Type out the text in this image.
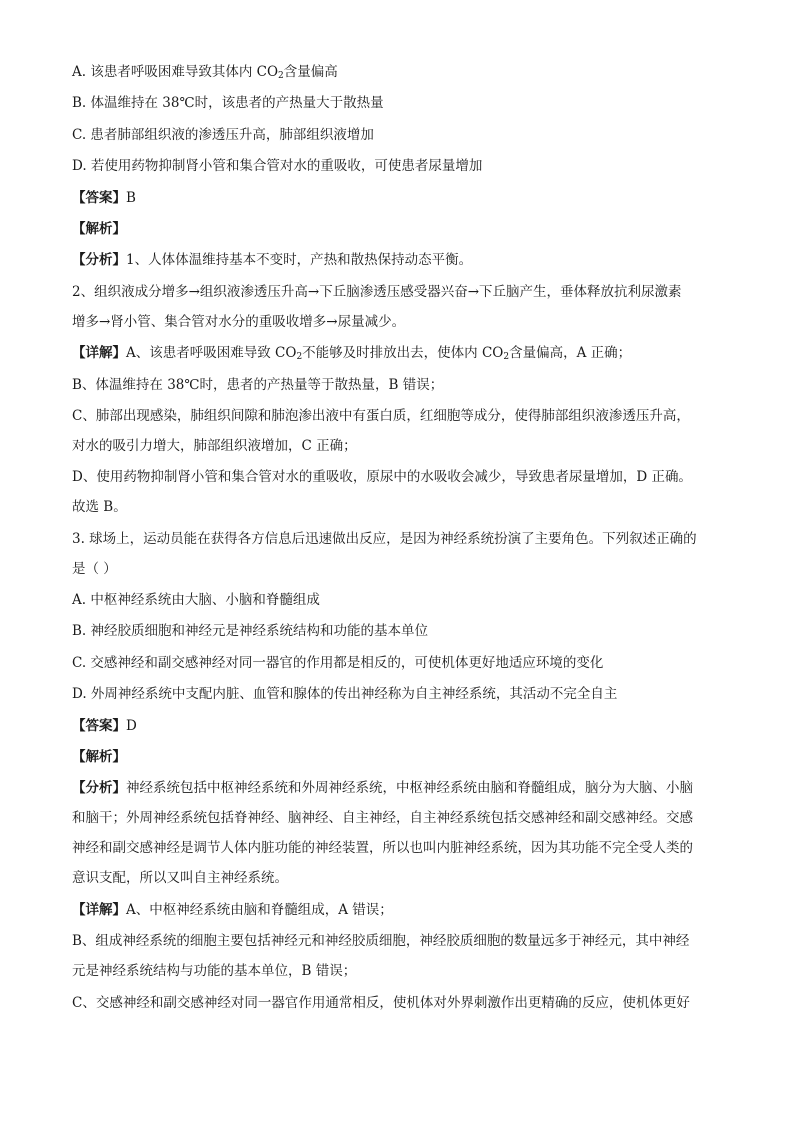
A. 该患者呼吸困难导致其体内 $CO_2$含量偏高
B. 体温维持在 38℃时，该患者的产热量大于散热量
C. 患者肺部组织液的渗透压升高，肺部组织液增加
D. 若使用药物抑制肾小管和集合管对水的重吸收，可使患者尿量增加
【答案】B
【解析】
【分析】1、人体体温维持基本不变时，产热和散热保持动态平衡。
2、组织液成分增多→组织液渗透压升高→下丘脑渗透压感受器兴奋→下丘脑产生，垂体释放抗利尿激素
增多→肾小管、集合管对水分的重吸收增多→尿量减少。
【详解】A、该患者呼吸困难导致 $CO_2$不能够及时排放出去，使体内 $CO_2$含量偏高，A 正确；
B、体温维持在 38℃时，患者的产热量等于散热量，B 错误；
C、肺部出现感染，肺组织间隙和肺泡渗出液中有蛋白质，红细胞等成分，使得肺部组织液渗透压升高，
对水的吸引力增大，肺部组织液增加，C 正确；
D、使用药物抑制肾小管和集合管对水的重吸收，原尿中的水吸收会减少，导致患者尿量增加，D 正确。
故选 B。
3. 球场上，运动员能在获得各方信息后迅速做出反应，是因为神经系统扮演了主要角色。下列叙述正确的
是（ ）
A. 中枢神经系统由大脑、小脑和脊髓组成
B. 神经胶质细胞和神经元是神经系统结构和功能的基本单位
C. 交感神经和副交感神经对同一器官的作用都是相反的，可使机体更好地适应环境的变化
D. 外周神经系统中支配内脏、血管和腺体的传出神经称为自主神经系统，其活动不完全自主
【答案】D
【解析】
【分析】神经系统包括中枢神经系统和外周神经系统，中枢神经系统由脑和脊髓组成，脑分为大脑、小脑
和脑干；外周神经系统包括脊神经、脑神经、自主神经，自主神经系统包括交感神经和副交感神经。交感
神经和副交感神经是调节人体内脏功能的神经装置，所以也叫内脏神经系统，因为其功能不完全受人类的
意识支配，所以又叫自主神经系统。
【详解】A、中枢神经系统由脑和脊髓组成，A 错误；
B、组成神经系统的细胞主要包括神经元和神经胶质细胞，神经胶质细胞的数量远多于神经元，其中神经
元是神经系统结构与功能的基本单位，B 错误；
C、交感神经和副交感神经对同一器官作用通常相反，使机体对外界刺激作出更精确的反应，使机体更好
